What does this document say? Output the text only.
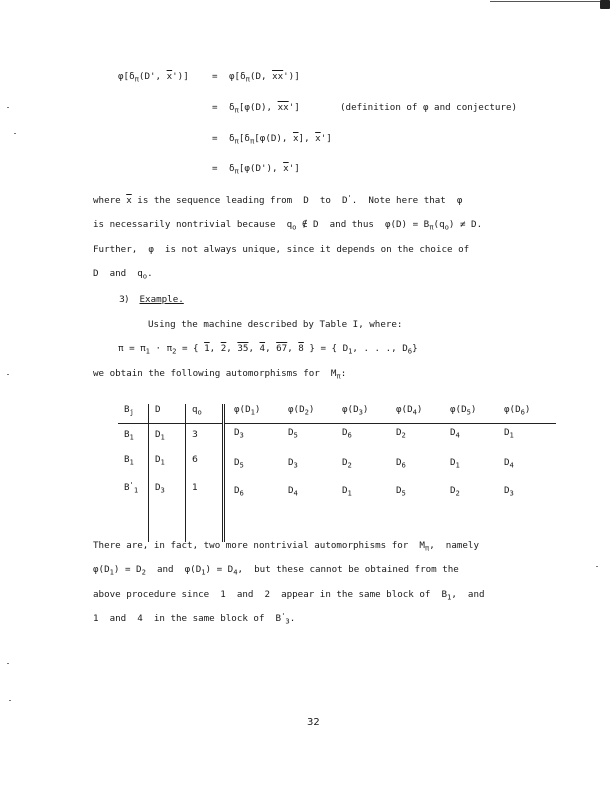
$\varphi[\delta_\pi(D'$, $\overline{x}'$)]	= $\varphi[\delta_\pi(D$, $\overline{xx}'$)]
= $\delta_\pi[\varphi(D)$, $\overline{xx}'$]	(definition of φ and conjecture)
= $\delta_\pi[\delta_\pi[\varphi(D)$, $\overline{x}$], $\overline{x}'$]
= $\delta_\pi[\varphi(D')$, $\overline{x}'$]
where $\overline{x}$ is the sequence leading from  D  to  D'.  Note here that  φ
is necessarily nontrivial because  $q_o$ ∉ D  and thus  $\varphi(D) = B_\pi(q_o) \ne D$.
Further,  φ  is not always unique, since it depends on the choice of
D  and  $q_o$.
3) Example.
Using the machine described by Table I, where:
$\pi = \pi_1 \cdot \pi_2$ = { 1, 2, 35, 4, 67, 8 } = { $D_1$, . . ., $D_6$}
we obtain the following automorphisms for  $M_\pi$:
$B_j$	D	$q_o$	$\varphi(D_1)$	$\varphi(D_2)$	$\varphi(D_3)$	$\varphi(D_4)$	$\varphi(D_5)$	$\varphi(D_6)$
$B_1$	$D_1$	3	$D_3$	$D_5$	$D_6$	$D_2$	$D_4$	$D_1$
$B_1$	$D_1$	6	$D_5$	$D_3$	$D_2$	$D_6$	$D_1$	$D_4$
$B'_1$	$D_3$	1	$D_6$	$D_4$	$D_1$	$D_5$	$D_2$	$D_3$

There are, in fact, two more nontrivial automorphisms for  $M_\pi$,  namely
$\varphi(D_1) = D_2$  and  $\varphi(D_1) = D_4$,  but these cannot be obtained from the
above procedure since  1  and  2  appear in the same block of  $B_1$,  and
1  and  4  in the same block of  $B'_3$.
32
